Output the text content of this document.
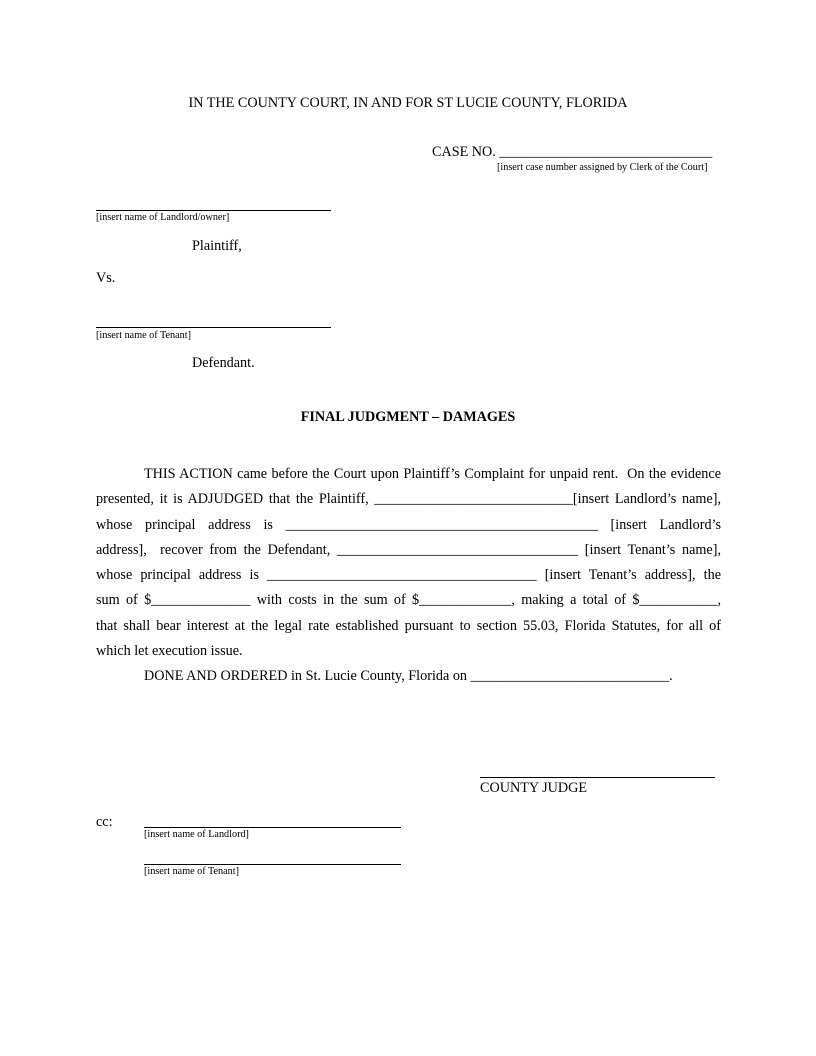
IN THE COUNTY COURT, IN AND FOR ST LUCIE COUNTY, FLORIDA
CASE NO. ______________________________
[insert case number assigned by Clerk of the Court]
[insert name of Landlord/owner]
Plaintiff,
Vs.
[insert name of Tenant]
Defendant.
FINAL JUDGMENT – DAMAGES
THIS ACTION came before the Court upon Plaintiff’s Complaint for unpaid rent.  On the evidence
presented, it is ADJUDGED that the Plaintiff, ____________________________[insert Landlord’s name],
whose principal address is ____________________________________________ [insert Landlord’s
address],  recover from the Defendant, __________________________________ [insert Tenant’s name],
whose principal address is ______________________________________ [insert Tenant’s address], the
sum of $______________ with costs in the sum of $_____________, making a total of $___________,
that shall bear interest at the legal rate established pursuant to section 55.03, Florida Statutes, for all of
which let execution issue.
DONE AND ORDERED in St. Lucie County, Florida on ____________________________.
COUNTY JUDGE
cc:
[insert name of Landlord]
[insert name of Tenant]
